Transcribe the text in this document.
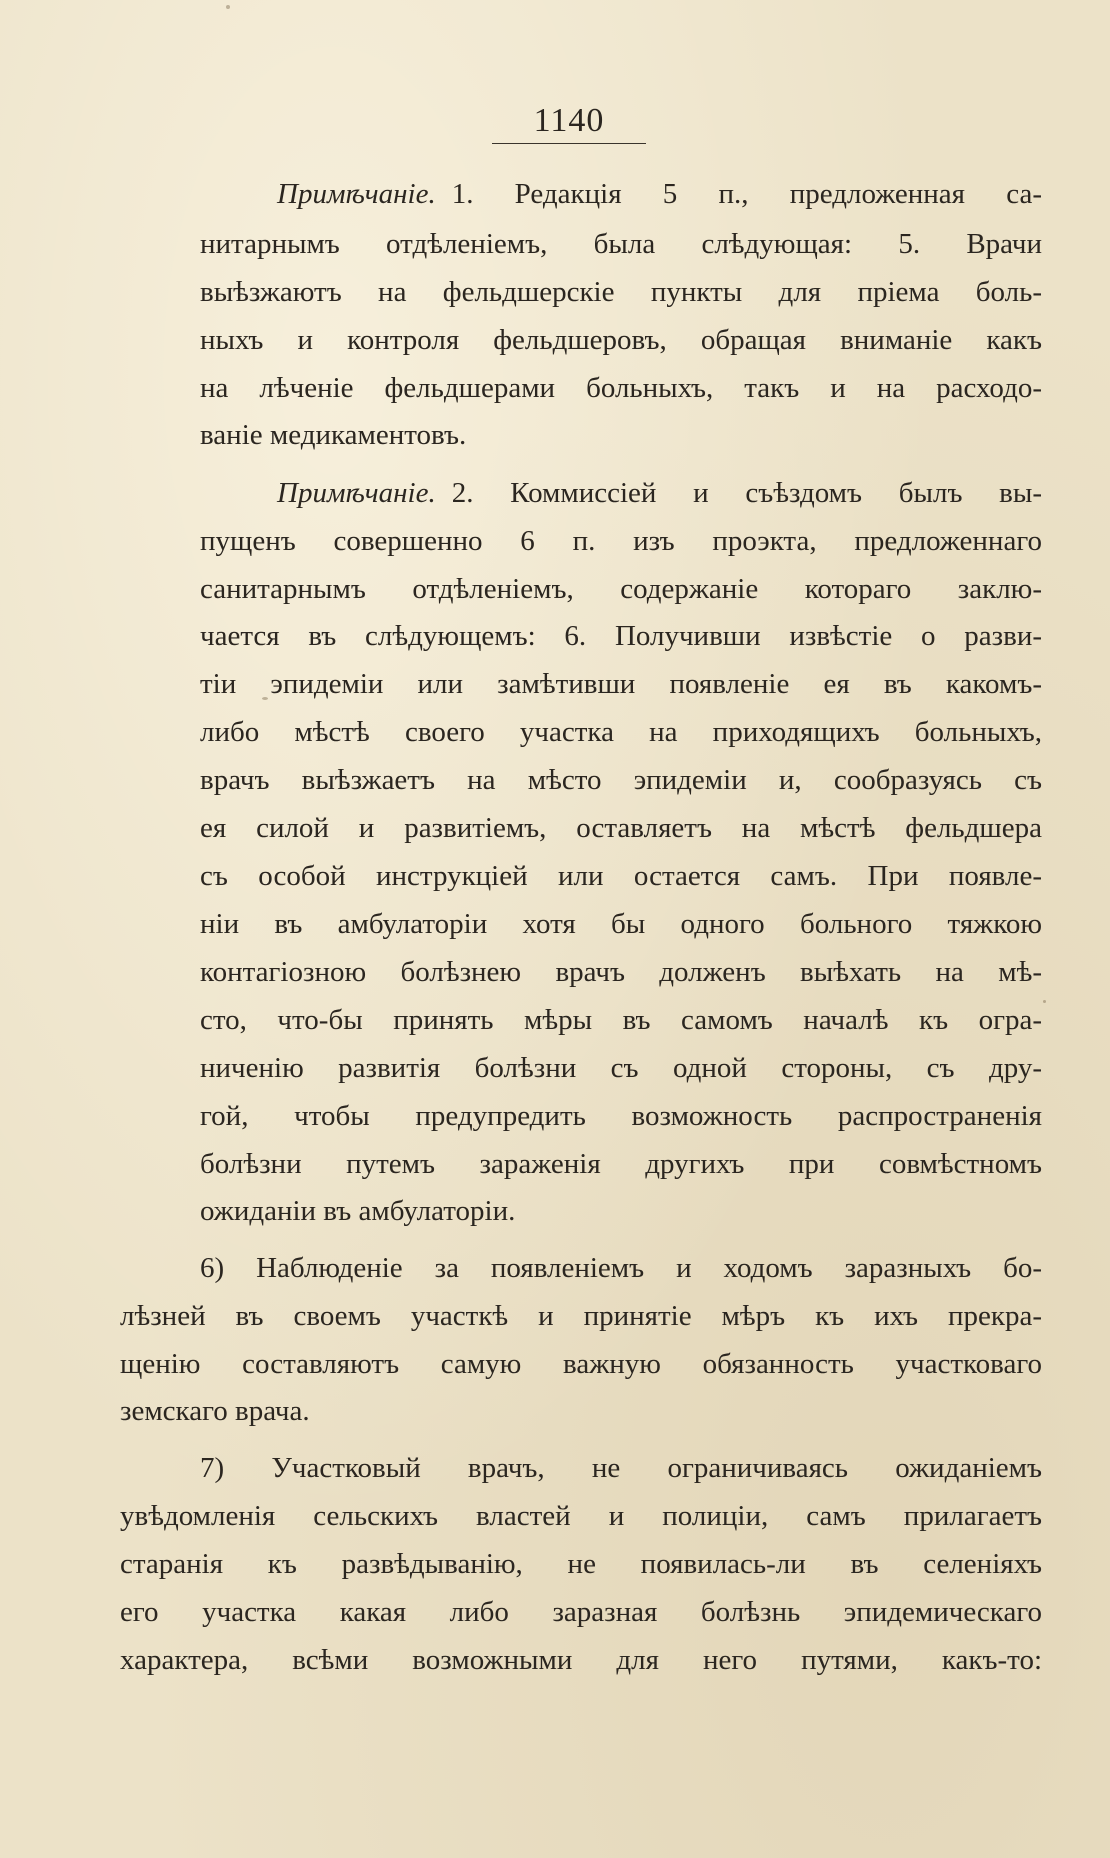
1140
Примѣчаніе. 1. Редакція 5 п., предложенная са-
нитарнымъ отдѣленіемъ, была слѣдующая: 5. Врачи
выѣзжаютъ на фельдшерскіе пункты для пріема боль-
ныхъ и контроля фельдшеровъ, обращая вниманіе какъ
на лѣченіе фельдшерами больныхъ, такъ и на расходо-
ваніе медикаментовъ.
Примѣчаніе. 2. Коммиссіей и съѣздомъ былъ вы-
пущенъ совершенно 6 п. изъ проэкта, предложеннаго
санитарнымъ отдѣленіемъ, содержаніе котораго заклю-
чается въ слѣдующемъ: 6. Получивши извѣстіе о разви-
тіи эпидеміи или замѣтивши появленіе ея въ какомъ-
либо мѣстѣ своего участка на приходящихъ больныхъ,
врачъ выѣзжаетъ на мѣсто эпидеміи и, сообразуясь съ
ея силой и развитіемъ, оставляетъ на мѣстѣ фельдшера
съ особой инструкціей или остается самъ. При появле-
ніи въ амбулаторіи хотя бы одного больного тяжкою
контагіозною болѣзнею врачъ долженъ выѣхать на мѣ-
сто, что-бы принять мѣры въ самомъ началѣ къ огра-
ниченію развитія болѣзни съ одной стороны, съ дру-
гой, чтобы предупредить возможность распространенія
болѣзни путемъ зараженія другихъ при совмѣстномъ
ожиданіи въ амбулаторіи.
6) Наблюденіе за появленіемъ и ходомъ заразныхъ бо-
лѣзней въ своемъ участкѣ и принятіе мѣръ къ ихъ прекра-
щенію составляютъ самую важную обязанность участковаго
земскаго врача.
7) Участковый врачъ, не ограничиваясь ожиданіемъ
увѣдомленія сельскихъ властей и полиціи, самъ прилагаетъ
старанія къ развѣдыванію, не появилась-ли въ селеніяхъ
его участка какая либо заразная болѣзнь эпидемическаго
характера, всѣми возможными для него путями, какъ-то:
